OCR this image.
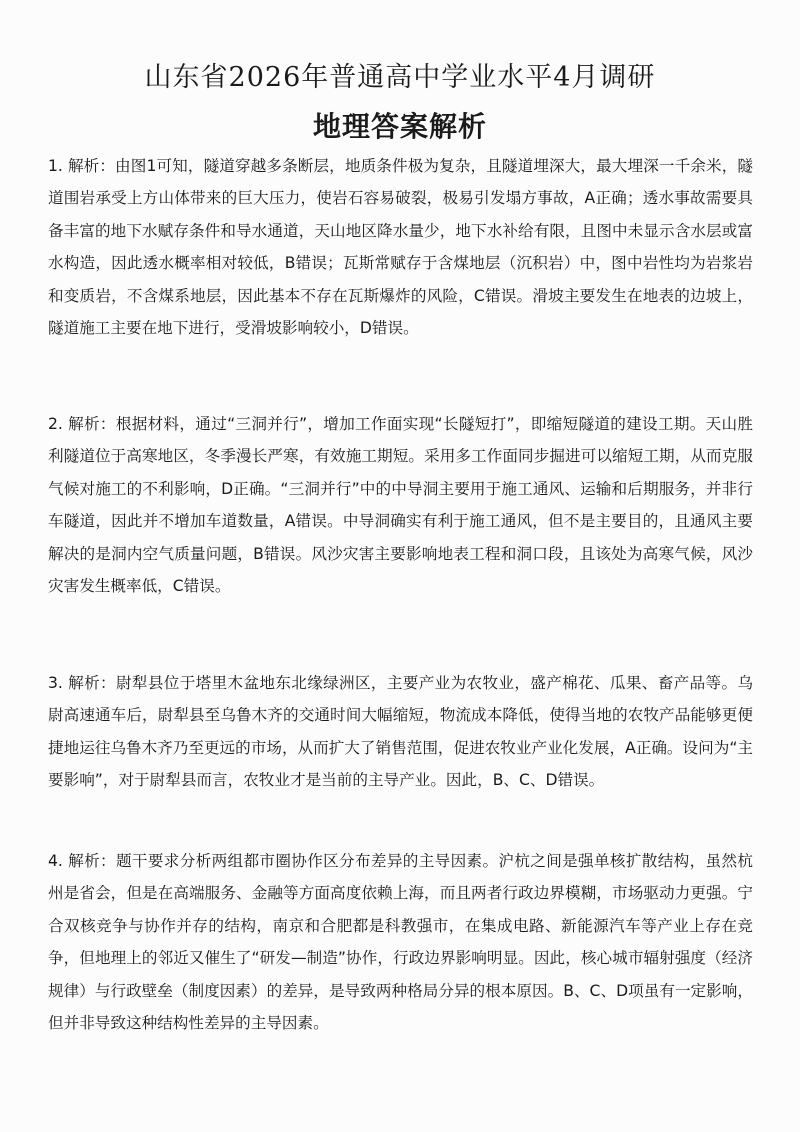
山东省2026年普通高中学业水平4月调研
地理答案解析
1. 解析：由图1可知，隧道穿越多条断层，地质条件极为复杂，且隧道埋深大，最大埋深一千余米，隧道围岩承受上方山体带来的巨大压力，使岩石容易破裂，极易引发塌方事故，A正确；透水事故需要具备丰富的地下水赋存条件和导水通道，天山地区降水量少，地下水补给有限，且图中未显示含水层或富水构造，因此透水概率相对较低，B错误；瓦斯常赋存于含煤地层（沉积岩）中，图中岩性均为岩浆岩和变质岩，不含煤系地层，因此基本不存在瓦斯爆炸的风险，C错误。滑坡主要发生在地表的边坡上，隧道施工主要在地下进行，受滑坡影响较小，D错误。
2. 解析：根据材料，通过“三洞并行”，增加工作面实现“长隧短打”，即缩短隧道的建设工期。天山胜利隧道位于高寒地区，冬季漫长严寒，有效施工期短。采用多工作面同步掘进可以缩短工期，从而克服气候对施工的不利影响，D正确。“三洞并行”中的中导洞主要用于施工通风、运输和后期服务，并非行车隧道，因此并不增加车道数量，A错误。中导洞确实有利于施工通风，但不是主要目的，且通风主要解决的是洞内空气质量问题，B错误。风沙灾害主要影响地表工程和洞口段，且该处为高寒气候，风沙灾害发生概率低，C错误。
3. 解析：尉犁县位于塔里木盆地东北缘绿洲区，主要产业为农牧业，盛产棉花、瓜果、畜产品等。乌尉高速通车后，尉犁县至乌鲁木齐的交通时间大幅缩短，物流成本降低，使得当地的农牧产品能够更便捷地运往乌鲁木齐乃至更远的市场，从而扩大了销售范围，促进农牧业产业化发展，A正确。设问为“主要影响”，对于尉犁县而言，农牧业才是当前的主导产业。因此，B、C、D错误。
4. 解析：题干要求分析两组都市圈协作区分布差异的主导因素。沪杭之间是强单核扩散结构，虽然杭州是省会，但是在高端服务、金融等方面高度依赖上海，而且两者行政边界模糊，市场驱动力更强。宁合双核竞争与协作并存的结构，南京和合肥都是科教强市，在集成电路、新能源汽车等产业上存在竞争，但地理上的邻近又催生了“研发—制造”协作，行政边界影响明显。因此，核心城市辐射强度（经济规律）与行政壁垒（制度因素）的差异，是导致两种格局分异的根本原因。B、C、D项虽有一定影响，但并非导致这种结构性差异的主导因素。
